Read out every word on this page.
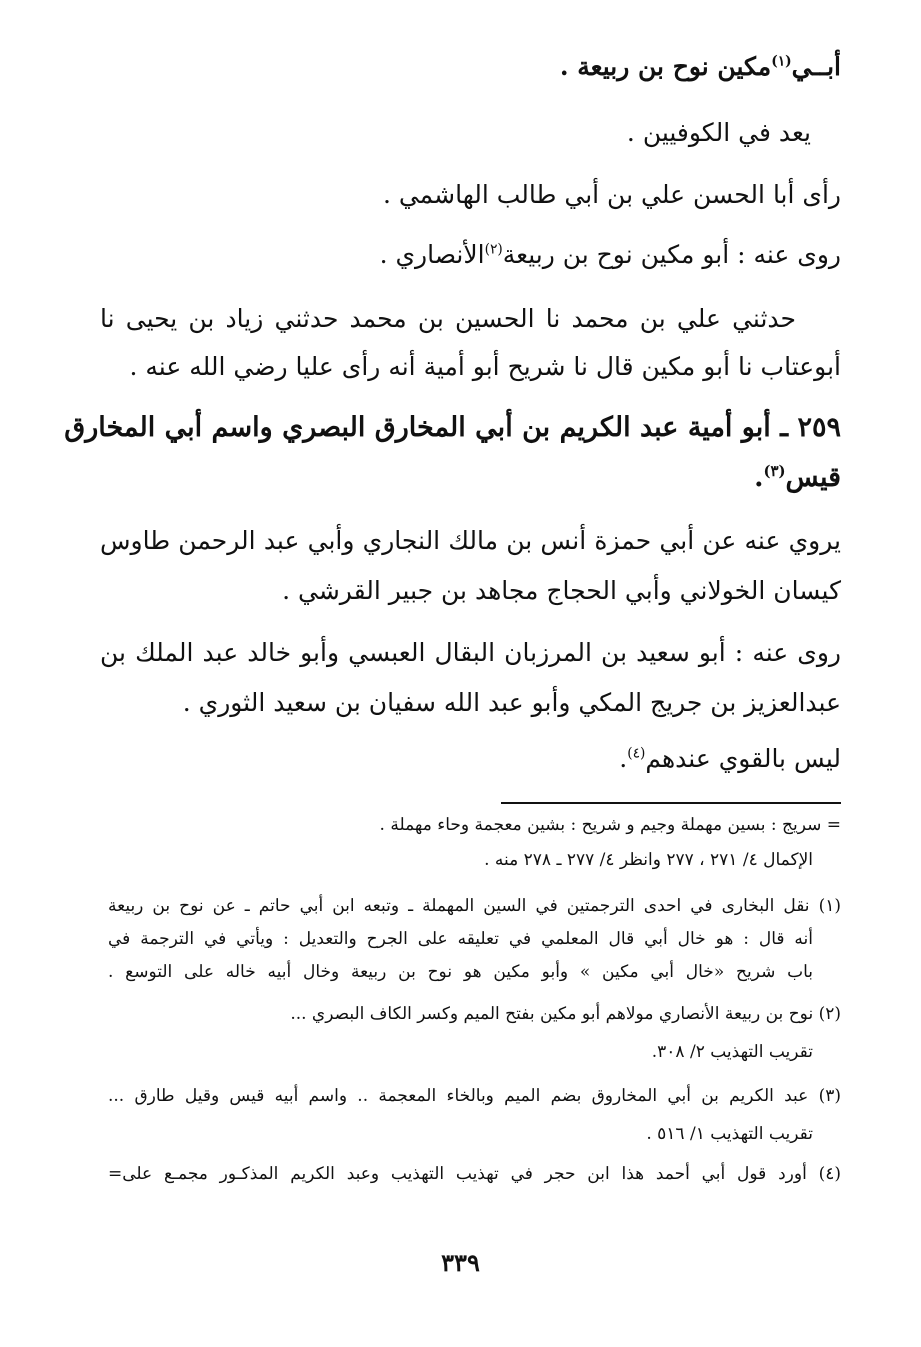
أبــي$^{(١)}$مكين نوح بن ربيعة .
يعد في الكوفيين .
رأى أبا الحسن علي بن أبي طالب الهاشمي .
روى عنه : أبو مكين نوح بن ربيعة$^{(٢)}$الأنصاري .
حدثني علي بن محمد نا الحسين بن محمد حدثني زياد بن يحيى نا
أبوعتاب نا أبو مكين قال نا شريح أبو أمية أنه رأى عليا رضي الله عنه .
٢٥٩ ـ أبو أمية عبد الكريم بن أبي المخارق البصري واسم أبي المخارق
قيس$^{(٣)}$.
يروي عنه عن أبي حمزة أنس بن مالك النجاري وأبي عبد الرحمن طاوس
كيسان الخولاني وأبي الحجاج مجاهد بن جبير القرشي .
روى عنه : أبو سعيد بن المرزبان البقال العبسي وأبو خالد عبد الملك بن
عبدالعزيز بن جريج المكي وأبو عبد الله سفيان بن سعيد الثوري .
ليس بالقوي عندهم$^{(٤)}$.
= سريج : بسين مهملة وجيم و شريح : بشين معجمة وحاء مهملة .
الإكمال ٤/ ٢٧١ ، ٢٧٧ وانظر ٤/ ٢٧٧ ـ ٢٧٨ منه .
(١) نقل البخارى في احدى الترجمتين في السين المهملة ـ وتبعه ابن أبي حاتم ـ عن نوح بن ربيعة
أنه قال : هو خال أبي قال المعلمي في تعليقه على الجرح والتعديل : ويأتي في الترجمة في
باب شريح «خال أبي مكين » وأبو مكين هو نوح بن ربيعة وخال أبيه خاله على التوسع .
(٢) نوح بن ربيعة الأنصاري مولاهم أبو مكين بفتح الميم وكسر الكاف البصري ...
تقريب التهذيب ٢/ ٣٠٨.
(٣) عبد الكريم بن أبي المخاروق بضم الميم وبالخاء المعجمة .. واسم أبيه قيس وقيل طارق ...
تقريب التهذيب ١/ ٥١٦ .
(٤) أورد قول أبي أحمد هذا ابن حجر في تهذيب التهذيب وعبد الكريم المذكـور مجمـع على=
٣٣٩
